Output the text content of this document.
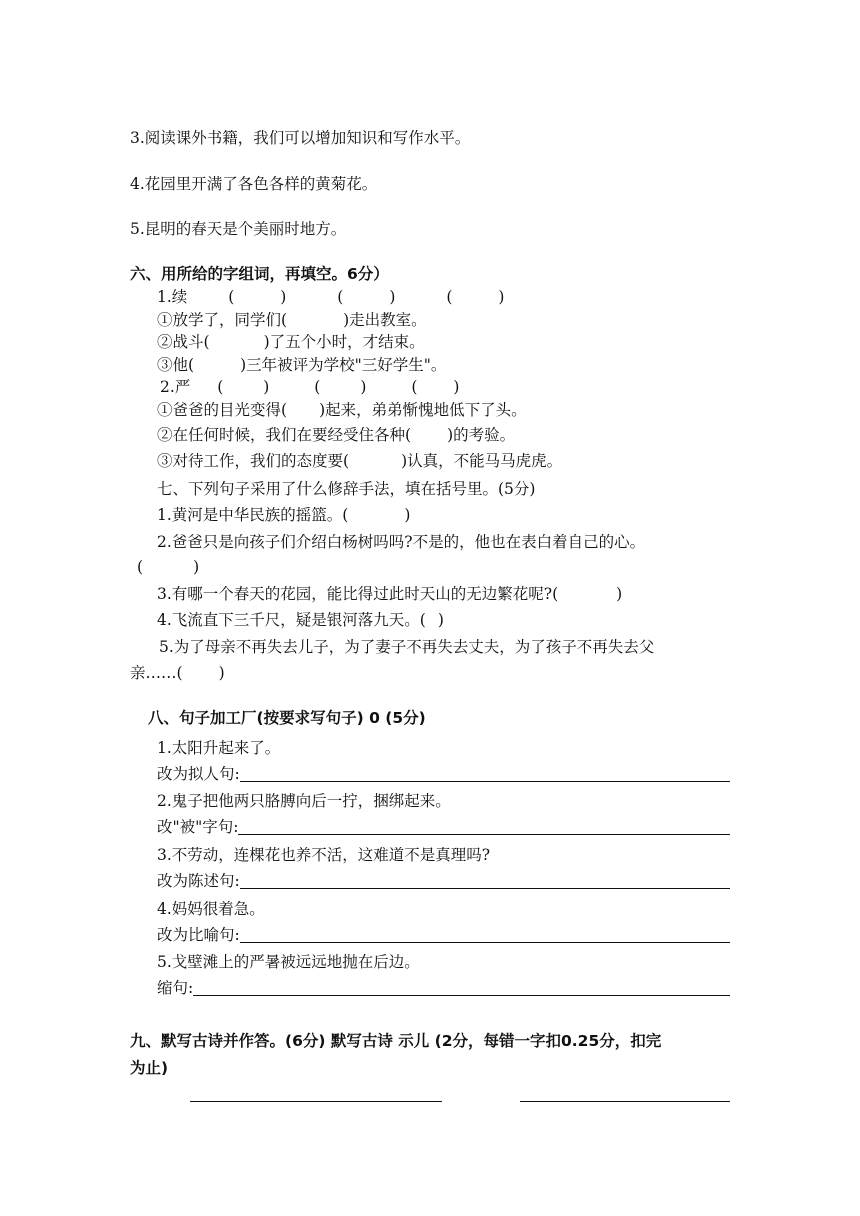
3.阅读课外书籍，我们可以增加知识和写作水平。
4.花园里开满了各色各样的黄菊花。
5.昆明的春天是个美丽时地方。
六、用所给的字组词，再填空。6分）
1.续	(	)	(	)	(	)
①放学了，同学们(	)走出教室。
②战斗(	)了五个小时，才结束。
③他(	)三年被评为学校"三好学生"。
2.严 (	)	(	)	( )
①爸爸的目光变得( )起来，弟弟惭愧地低下了头。
②在任何时候，我们在要经受住各种( )的考验。
③对待工作，我们的态度要(	)认真，不能马马虎虎。
七、下列句子采用了什么修辞手法，填在括号里。(5分)
1.黄河是中华民族的摇篮。(	)
2.爸爸只是向孩子们介绍白杨树吗吗?不是的，他也在表白着自己的心。
(	)
3.有哪一个春天的花园，能比得过此时天山的无边繁花呢?(	)
4.飞流直下三千尺，疑是银河落九天。( )
5.为了母亲不再失去儿子，为了妻子不再失去丈夫，为了孩子不再失去父
亲……( )
八、句子加工厂(按要求写句子) 0 (5分)
1.太阳升起来了。
改为拟人句:
2.鬼子把他两只胳膊向后一拧，捆绑起来。
改"被"字句:
3.不劳动，连棵花也养不活，这难道不是真理吗?
改为陈述句:
4.妈妈很着急。
改为比喻句:
5.戈壁滩上的严暑被远远地抛在后边。
缩句:
九、默写古诗并作答。(6分) 默写古诗 示儿 (2分，每错一字扣0.25分，扣完
为止)
